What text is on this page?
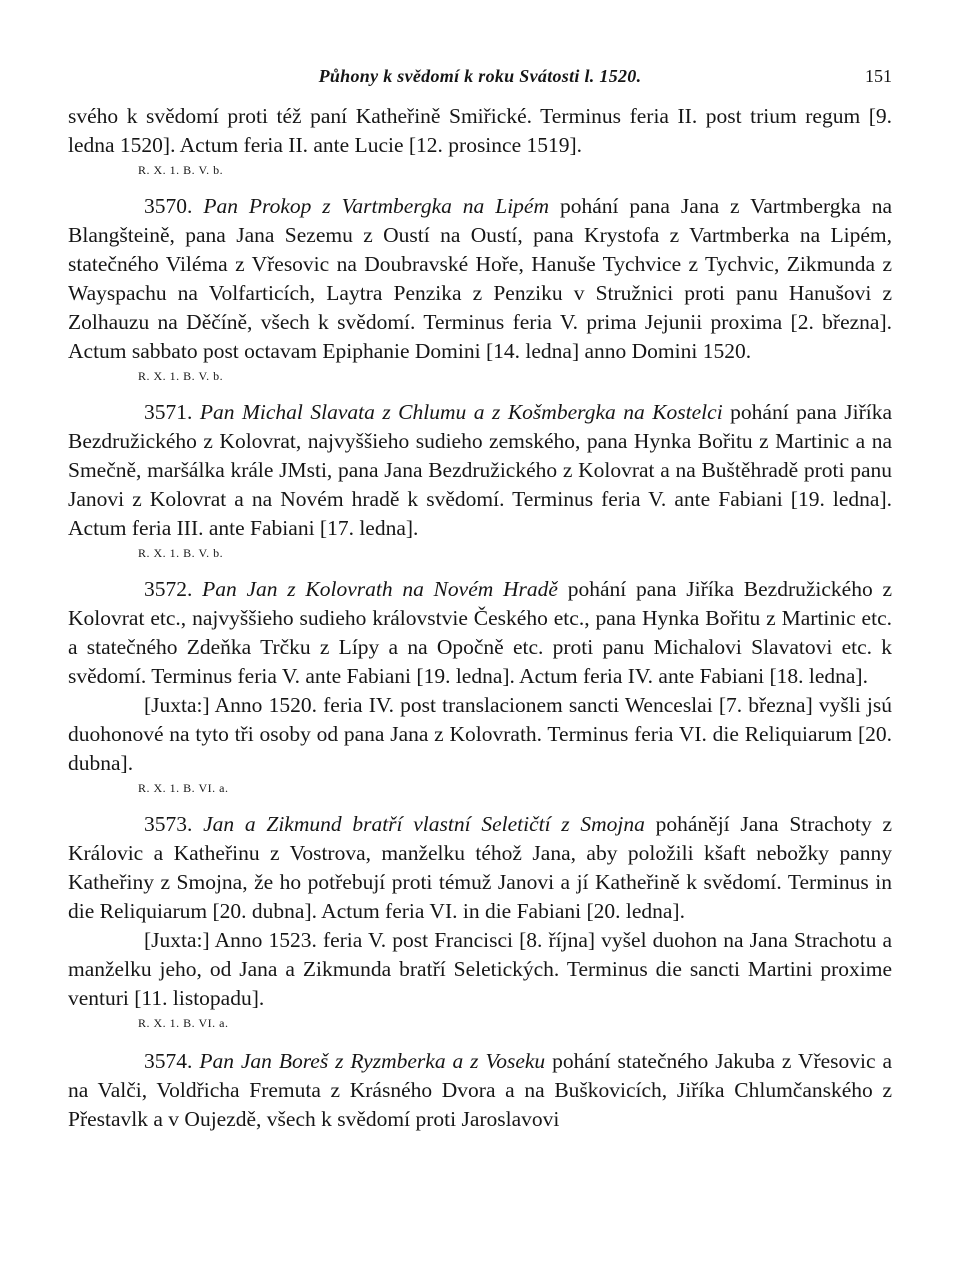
Půhony k svědomí k roku Svátosti l. 1520.	151

svého k svědomí proti též paní Katheřině Smiřické. Terminus feria II. post trium regum [9. ledna 1520]. Actum feria II. ante Lucie [12. prosince 1519].

R. X. 1. B. V. b.

3570. Pan Prokop z Vartmbergka na Lipém pohání pana Jana z Vartmbergka na Blangšteině, pana Jana Sezemu z Oustí na Oustí, pana Krystofa z Vartmberka na Lipém, statečného Viléma z Vřesovic na Doubravské Hoře, Hanuše Tychvice z Tychvic, Zikmunda z Wayspachu na Volfarticích, Laytra Penzika z Penziku v Stružnici proti panu Hanušovi z Zolhauzu na Děčíně, všech k svědomí. Terminus feria V. prima Jejunii proxima [2. března]. Actum sabbato post octavam Epiphanie Domini [14. ledna] anno Domini 1520.

R. X. 1. B. V. b.

3571. Pan Michal Slavata z Chlumu a z Košmbergka na Kostelci pohání pana Jiříka Bezdružického z Kolovrat, najvyššieho sudieho zemského, pana Hynka Bořitu z Martinic a na Smečně, maršálka krále JMsti, pana Jana Bezdružického z Kolovrat a na Buštěhradě proti panu Janovi z Kolovrat a na Novém hradě k svědomí. Terminus feria V. ante Fabiani [19. ledna]. Actum feria III. ante Fabiani [17. ledna].

R. X. 1. B. V. b.

3572. Pan Jan z Kolovrath na Novém Hradě pohání pana Jiříka Bezdružického z Kolovrat etc., najvyššieho sudieho královstvie Českého etc., pana Hynka Bořitu z Martinic etc. a statečného Zdeňka Trčku z Lípy a na Opočně etc. proti panu Michalovi Slavatovi etc. k svědomí. Terminus feria V. ante Fabiani [19. ledna]. Actum feria IV. ante Fabiani [18. ledna].

[Juxta:] Anno 1520. feria IV. post translacionem sancti Wenceslai [7. března] vyšli jsú duohonové na tyto tři osoby od pana Jana z Kolovrath. Terminus feria VI. die Reliquiarum [20. dubna].

R. X. 1. B. VI. a.

3573. Jan a Zikmund bratří vlastní Seletičtí z Smojna pohánějí Jana Strachoty z Královic a Katheřinu z Vostrova, manželku téhož Jana, aby položili kšaft nebožky panny Katheřiny z Smojna, že ho potřebují proti témuž Janovi a jí Katheřině k svědomí. Terminus in die Reliquiarum [20. dubna]. Actum feria VI. in die Fabiani [20. ledna].

[Juxta:] Anno 1523. feria V. post Francisci [8. října] vyšel duohon na Jana Strachotu a manželku jeho, od Jana a Zikmunda bratří Seletických. Terminus die sancti Martini proxime venturi [11. listopadu].

R. X. 1. B. VI. a.

3574. Pan Jan Boreš z Ryzmberka a z Voseku pohání statečného Jakuba z Vřesovic a na Valči, Voldřicha Fremuta z Krásného Dvora a na Buškovicích, Jiříka Chlumčanského z Přestavlk a v Oujezdě, všech k svědomí proti Jaroslavovi
